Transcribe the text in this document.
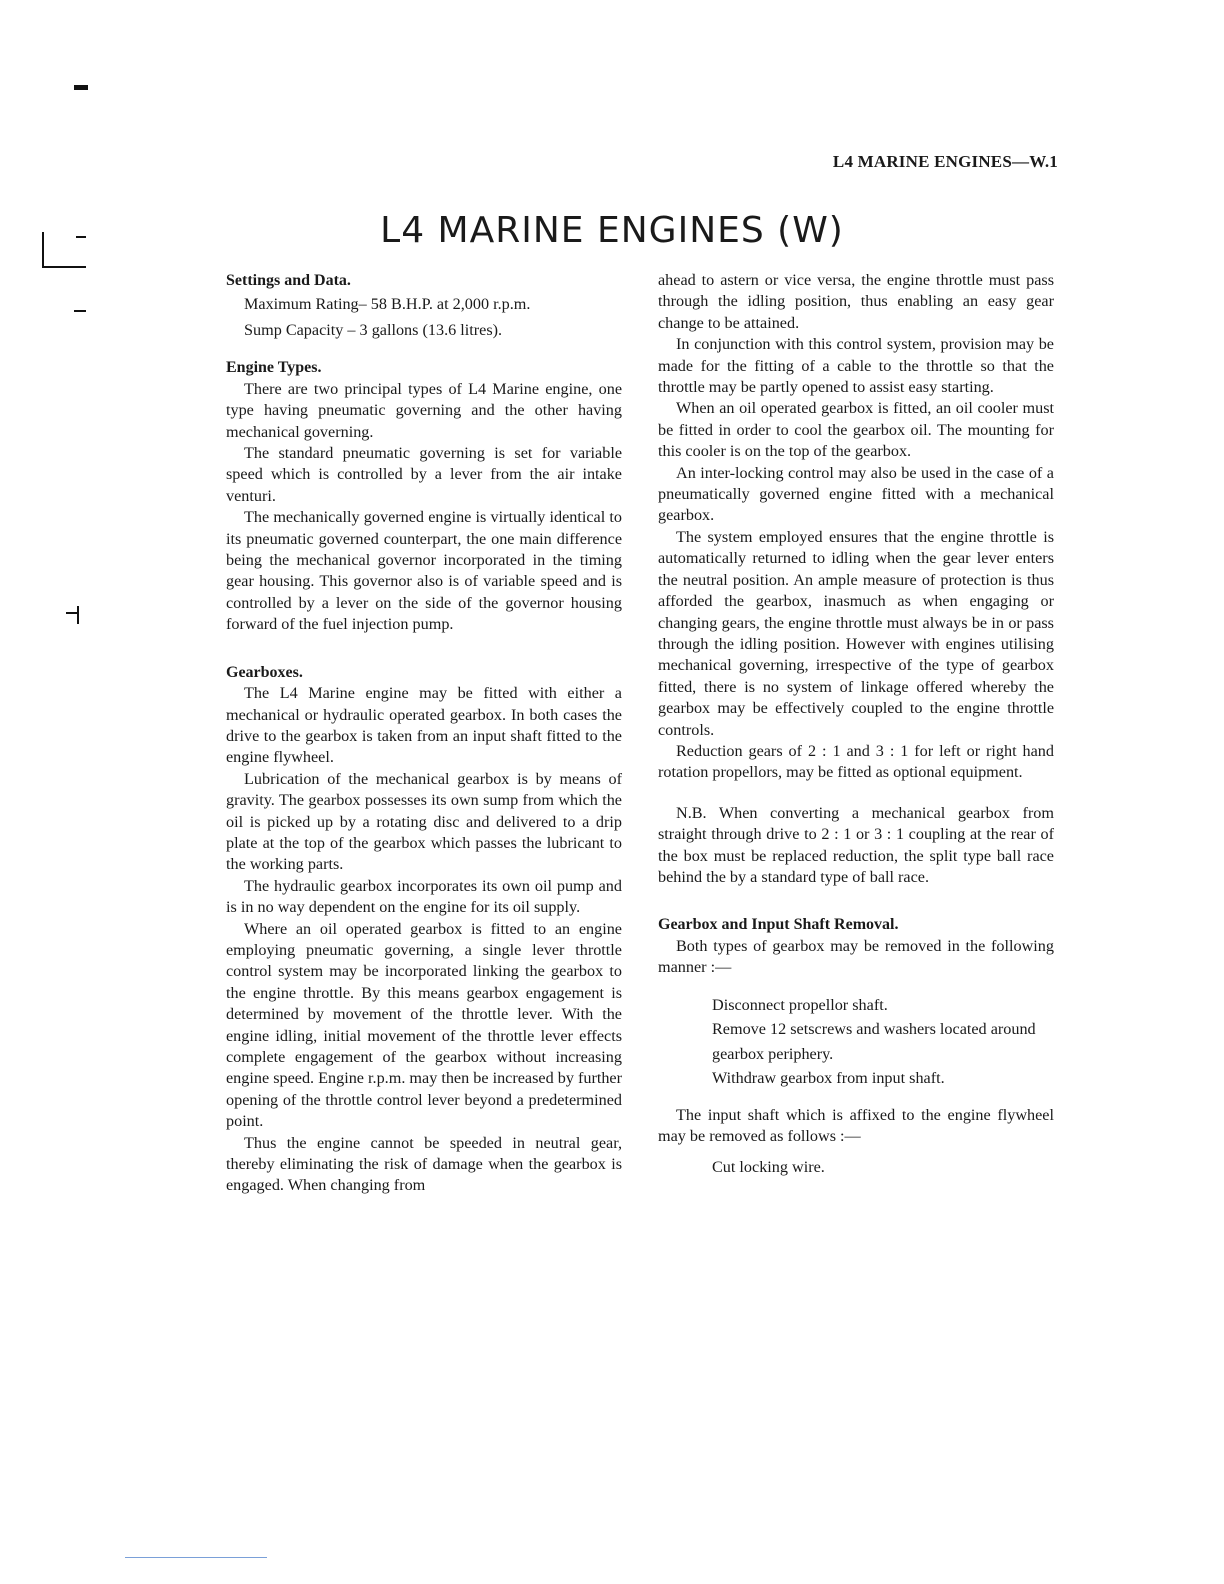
L4 MARINE ENGINES—W.1
L4 MARINE ENGINES (W)
Settings and Data.
Maximum Rating– 58 B.H.P. at 2,000 r.p.m.
Sump Capacity – 3 gallons (13.6 litres).
Engine Types.

There are two principal types of L4 Marine engine, one type having pneumatic governing and the other having mechanical governing.

The standard pneumatic governing is set for variable speed which is controlled by a lever from the air intake venturi.

The mechanically governed engine is virtually identical to its pneumatic governed counterpart, the one main difference being the mechanical governor incorporated in the timing gear housing. This governor also is of variable speed and is controlled by a lever on the side of the governor housing forward of the fuel injection pump.

Gearboxes.

The L4 Marine engine may be fitted with either a mechanical or hydraulic operated gearbox. In both cases the drive to the gearbox is taken from an input shaft fitted to the engine flywheel.

Lubrication of the mechanical gearbox is by means of gravity. The gearbox possesses its own sump from which the oil is picked up by a rotating disc and delivered to a drip plate at the top of the gearbox which passes the lubricant to the working parts.

The hydraulic gearbox incorporates its own oil pump and is in no way dependent on the engine for its oil supply.

Where an oil operated gearbox is fitted to an engine employing pneumatic governing, a single lever throttle control system may be incorporated linking the gearbox to the engine throttle. By this means gearbox engagement is determined by movement of the throttle lever. With the engine idling, initial movement of the throttle lever effects complete engagement of the gearbox without increasing engine speed. Engine r.p.m. may then be increased by further opening of the throttle control lever beyond a predetermined point.

Thus the engine cannot be speeded in neutral gear, thereby eliminating the risk of damage when the gearbox is engaged. When changing from

ahead to astern or vice versa, the engine throttle must pass through the idling position, thus enabling an easy gear change to be attained.

In conjunction with this control system, provision may be made for the fitting of a cable to the throttle so that the throttle may be partly opened to assist easy starting.

When an oil operated gearbox is fitted, an oil cooler must be fitted in order to cool the gearbox oil. The mounting for this cooler is on the top of the gearbox.

An inter-locking control may also be used in the case of a pneumatically governed engine fitted with a mechanical gearbox.

The system employed ensures that the engine throttle is automatically returned to idling when the gear lever enters the neutral position. An ample measure of protection is thus afforded the gearbox, inasmuch as when engaging or changing gears, the engine throttle must always be in or pass through the idling position. However with engines utilising mechanical governing, irrespective of the type of gearbox fitted, there is no system of linkage offered whereby the gearbox may be effectively coupled to the engine throttle controls.

Reduction gears of 2 : 1 and 3 : 1 for left or right hand rotation propellors, may be fitted as optional equipment.

N.B. When converting a mechanical gearbox from straight through drive to 2 : 1 or 3 : 1 coupling at the rear of the box must be replaced reduction, the split type ball race behind the by a standard type of ball race.

Gearbox and Input Shaft Removal.

Both types of gearbox may be removed in the following manner :—

Disconnect propellor shaft.
Remove 12 setscrews and washers located around gearbox periphery.
Withdraw gearbox from input shaft.

The input shaft which is affixed to the engine flywheel may be removed as follows :—

Cut locking wire.
